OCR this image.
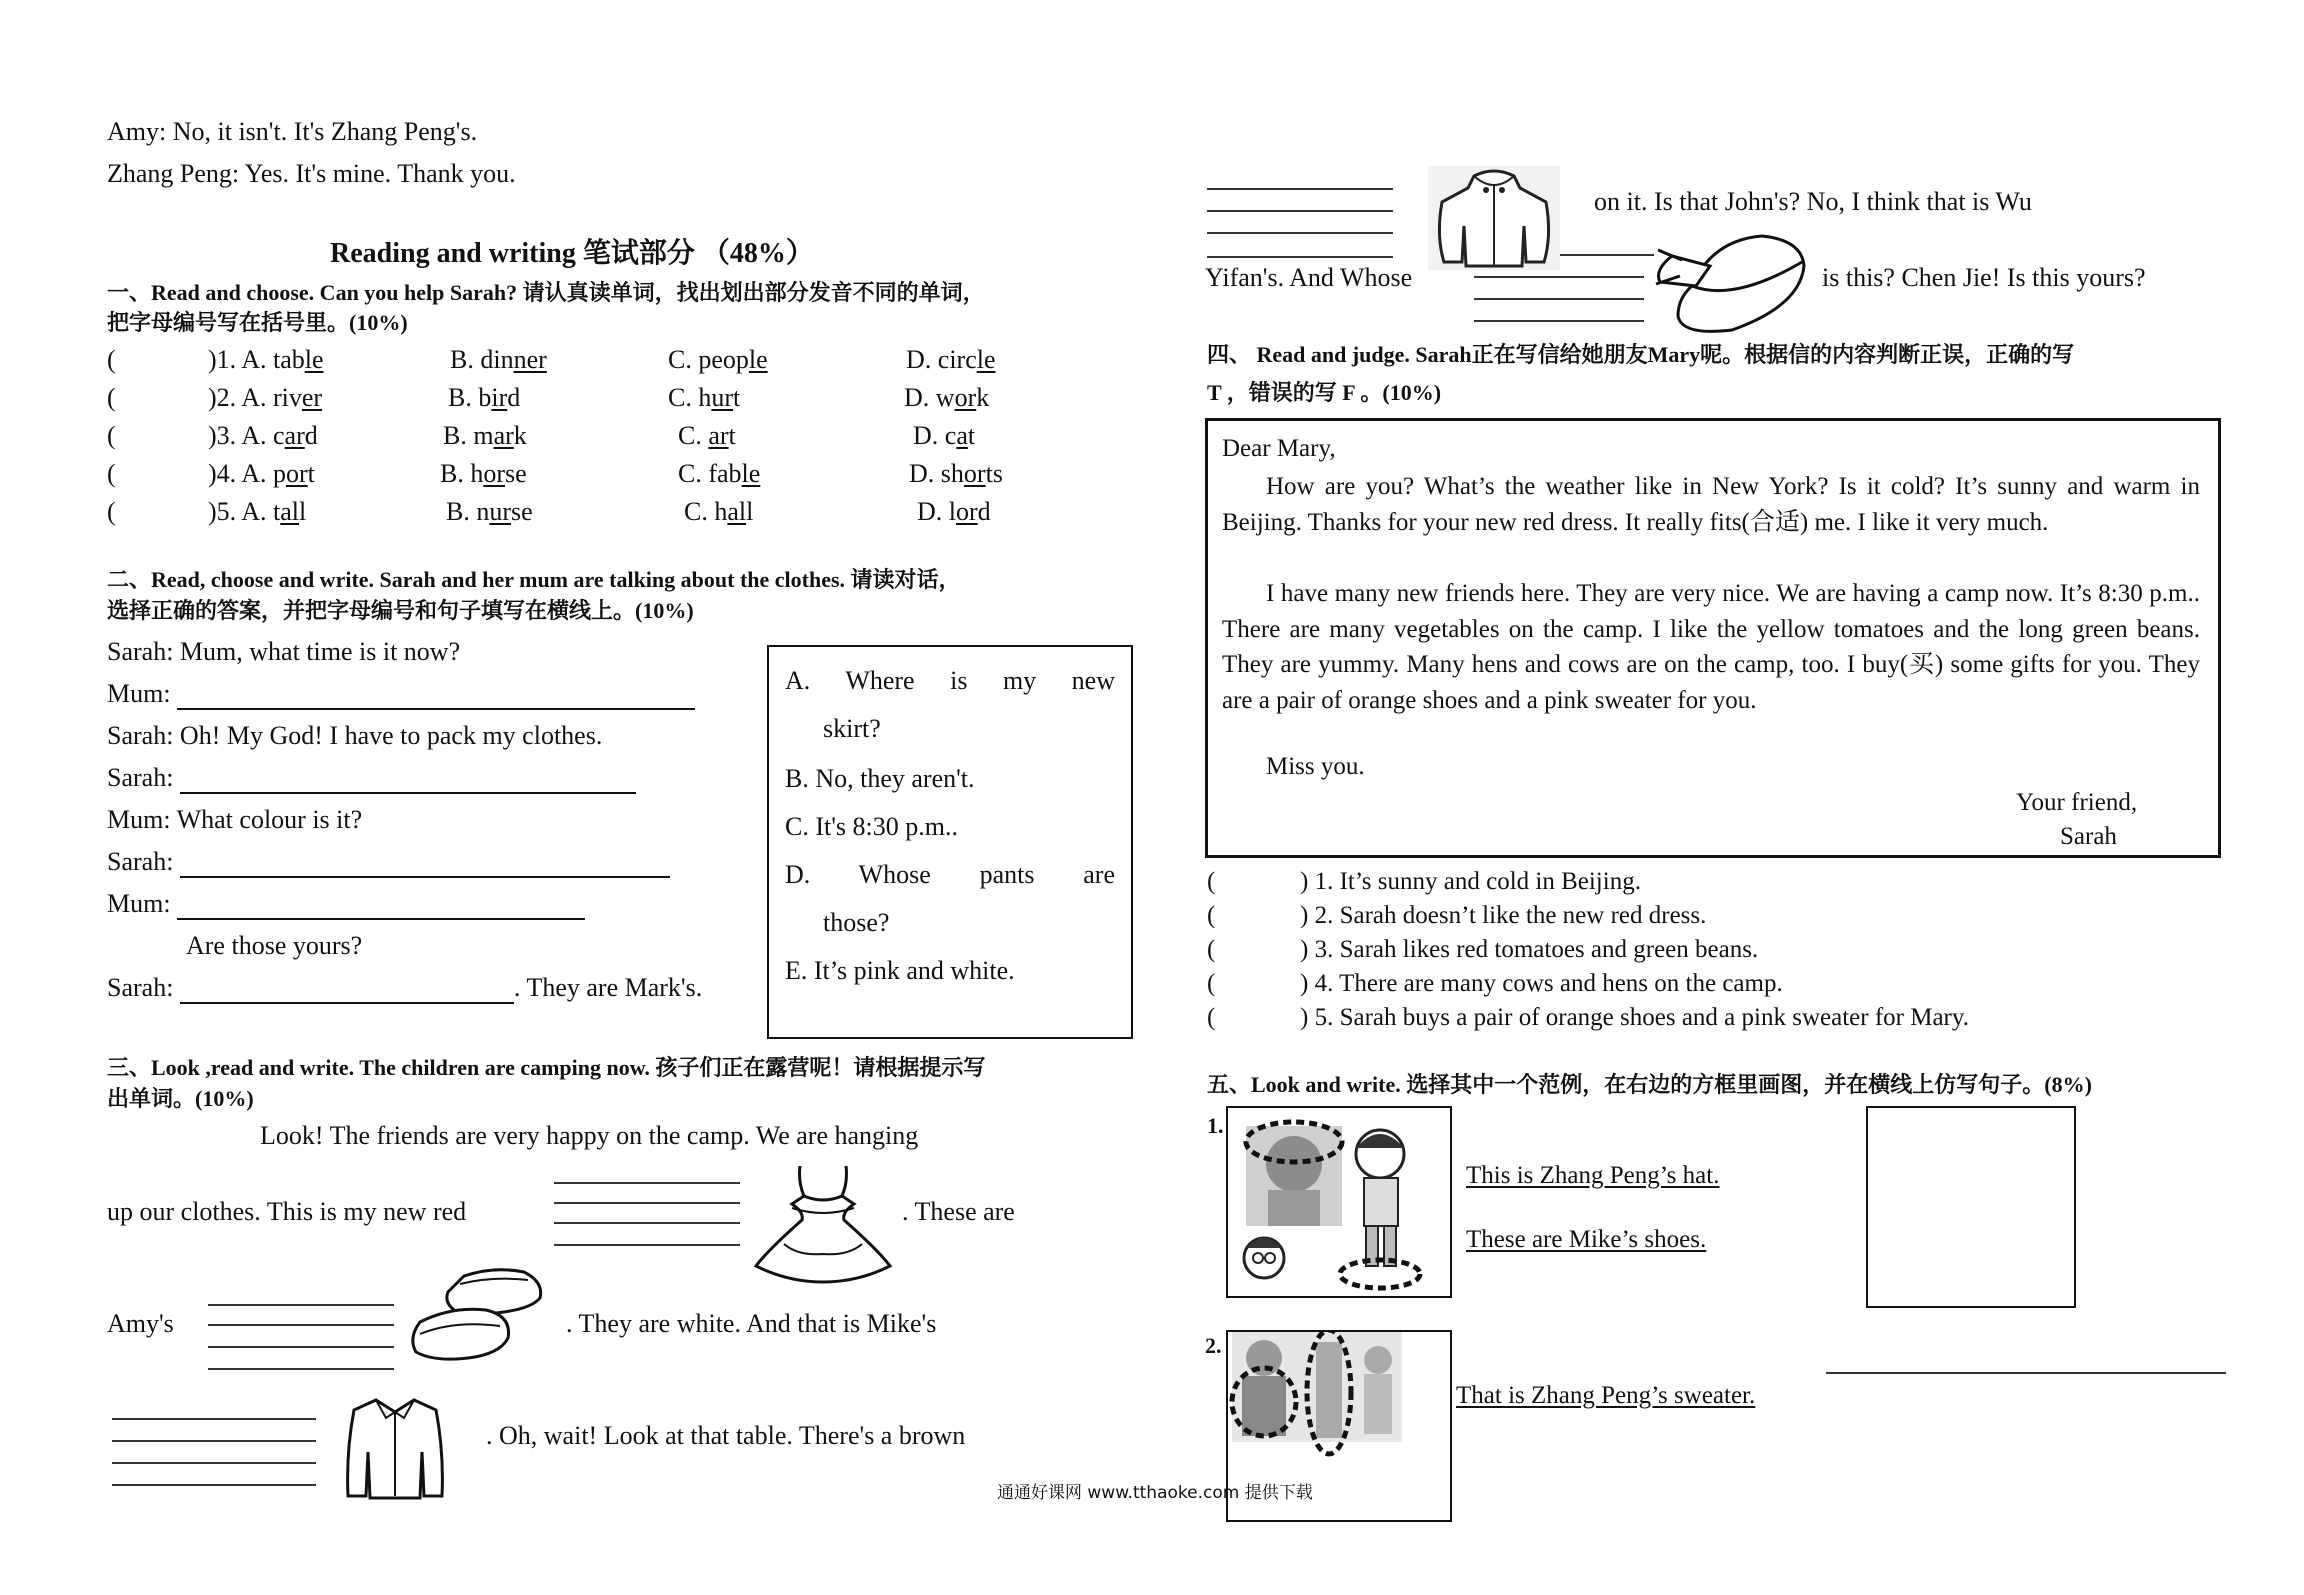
Amy: No, it isn't. It's Zhang Peng's.
Zhang Peng: Yes. It's mine. Thank you.
Reading and writing 笔试部分 （48%）
一、Read and choose. Can you help Sarah? 请认真读单词，找出划出部分发音不同的单词，
把字母编号写在括号里。(10%)
(	)1. A. table	B. dinner	C. people	D. circle
(	)2. A. river	B. bird	C. hurt	D. work
(	)3. A. card	B. mark	C. art	D. cat
(	)4. A. port	B. horse	C. fable	D. shorts
(	)5. A. tall	B. nurse	C. hall	D. lord
二、Read, choose and write. Sarah and her mum are talking about the clothes. 请读对话，
选择正确的答案，并把字母编号和句子填写在横线上。(10%)
Sarah: Mum, what time is it now?
Mum:
Sarah: Oh! My God! I have to pack my clothes.
Sarah:
Mum: What colour is it?
Sarah:
Mum:
Are those yours?
Sarah:	. They are Mark's.
A. Where is my new
skirt?
B. No, they aren't.
C. It's 8:30 p.m..
D. Whose pants are
those?
E. It’s pink and white.
三、Look ,read and write. The children are camping now. 孩子们正在露营呢！请根据提示写
出单词。(10%)
Look! The friends are very happy on the camp. We are hanging
up our clothes. This is my new red	. These are
Amy's	. They are white. And that is Mike's
. Oh, wait! Look at that table. There's a brown
on it. Is that John's? No, I think that is Wu
Yifan's. And Whose	is this? Chen Jie! Is this yours?
四、 Read and judge. Sarah正在写信给她朋友Mary呢。根据信的内容判断正误，正确的写
T ，错误的写 F 。(10%)
Dear Mary,
How are you? What’s the weather like in New York? Is it cold? It’s sunny and warm in Beijing. Thanks for your new red dress. It really fits(合适) me. I like it very much.
I have many new friends here. They are very nice. We are having a camp now. It’s 8:30 p.m.. There are many vegetables on the camp. I like the yellow tomatoes and the long green beans. They are yummy. Many hens and cows are on the camp, too. I buy(买) some gifts for you. They are a pair of orange shoes and a pink sweater for you.
Miss you.
Your friend,
Sarah
(	) 1. It’s sunny and cold in Beijing.
(	) 2. Sarah doesn’t like the new red dress.
(	) 3. Sarah likes red tomatoes and green beans.
(	) 4. There are many cows and hens on the camp.
(	) 5. Sarah buys a pair of orange shoes and a pink sweater for Mary.
五、Look and write. 选择其中一个范例，在右边的方框里画图，并在横线上仿写句子。(8%)
1.
This is Zhang Peng’s hat.
These are Mike’s shoes.
2.
That is Zhang Peng’s sweater.
通通好课网 www.tthaoke.com 提供下载
